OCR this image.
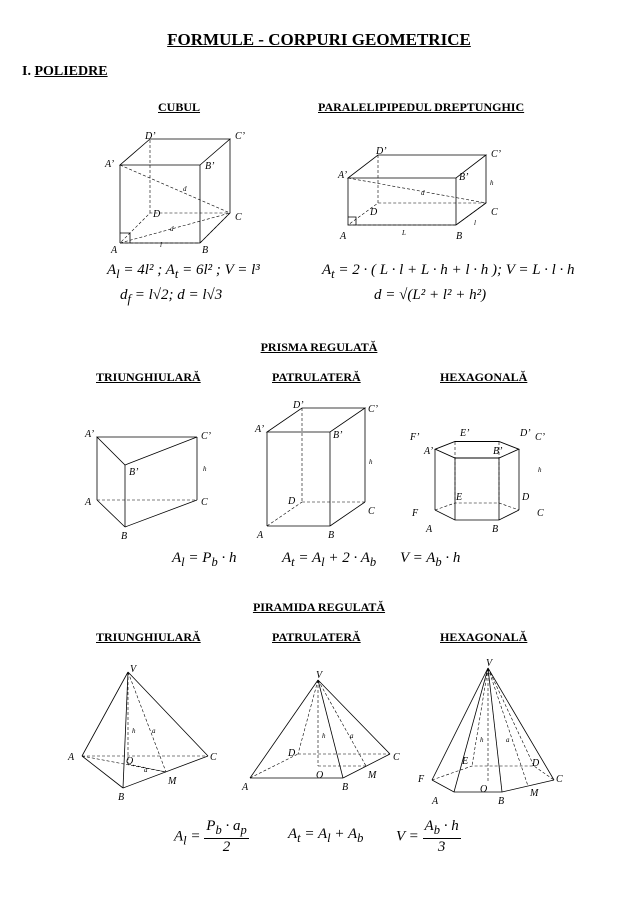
FORMULE - CORPURI GEOMETRICE
I. POLIEDRE
CUBUL	PARALELIPIPEDUL DREPTUNGHIC
D’	C’
A’	B’
D	C
A	B
d
d
l
$A_l = 4l^2$ ; $A_t = 6l^2$ ; V = l³
$d_f = l√2$; d = l√3
D’	C’
A’	B’
D	C
A	B
d
L
l
h
$A_t = 2$ · ( L · l + L · h + l · h ); V = L · l · h
d = √(L² + l² + h²)
PRISMA REGULATĂ
TRIUNGHIULARĂ	PATRULATERĂ	HEXAGONALĂ
A’	C’
B’
A	C
B
h
D’	C’
A’
B’
D
C
A	B
h
E’	D’
F’	C’
A’	B’
E	D
F	C
A	B
h
$A_l = P_b \cdot h$	$A_t = A_l + 2 \cdot A_b$ $V = A_b \cdot h$
PIRAMIDA REGULATĂ
TRIUNGHIULARĂ	PATRULATERĂ	HEXAGONALĂ
V
A	C
B
O
M
h a
a
V
D	C
A	B
O	M
h	a
V
E	D
F	C
A	B
O	M
h	a
$A_l = \frac{P_b \cdot a_p}{2}$	$A_t = A_l + A_b$ $V = \frac{A_b \cdot h}{3}$
